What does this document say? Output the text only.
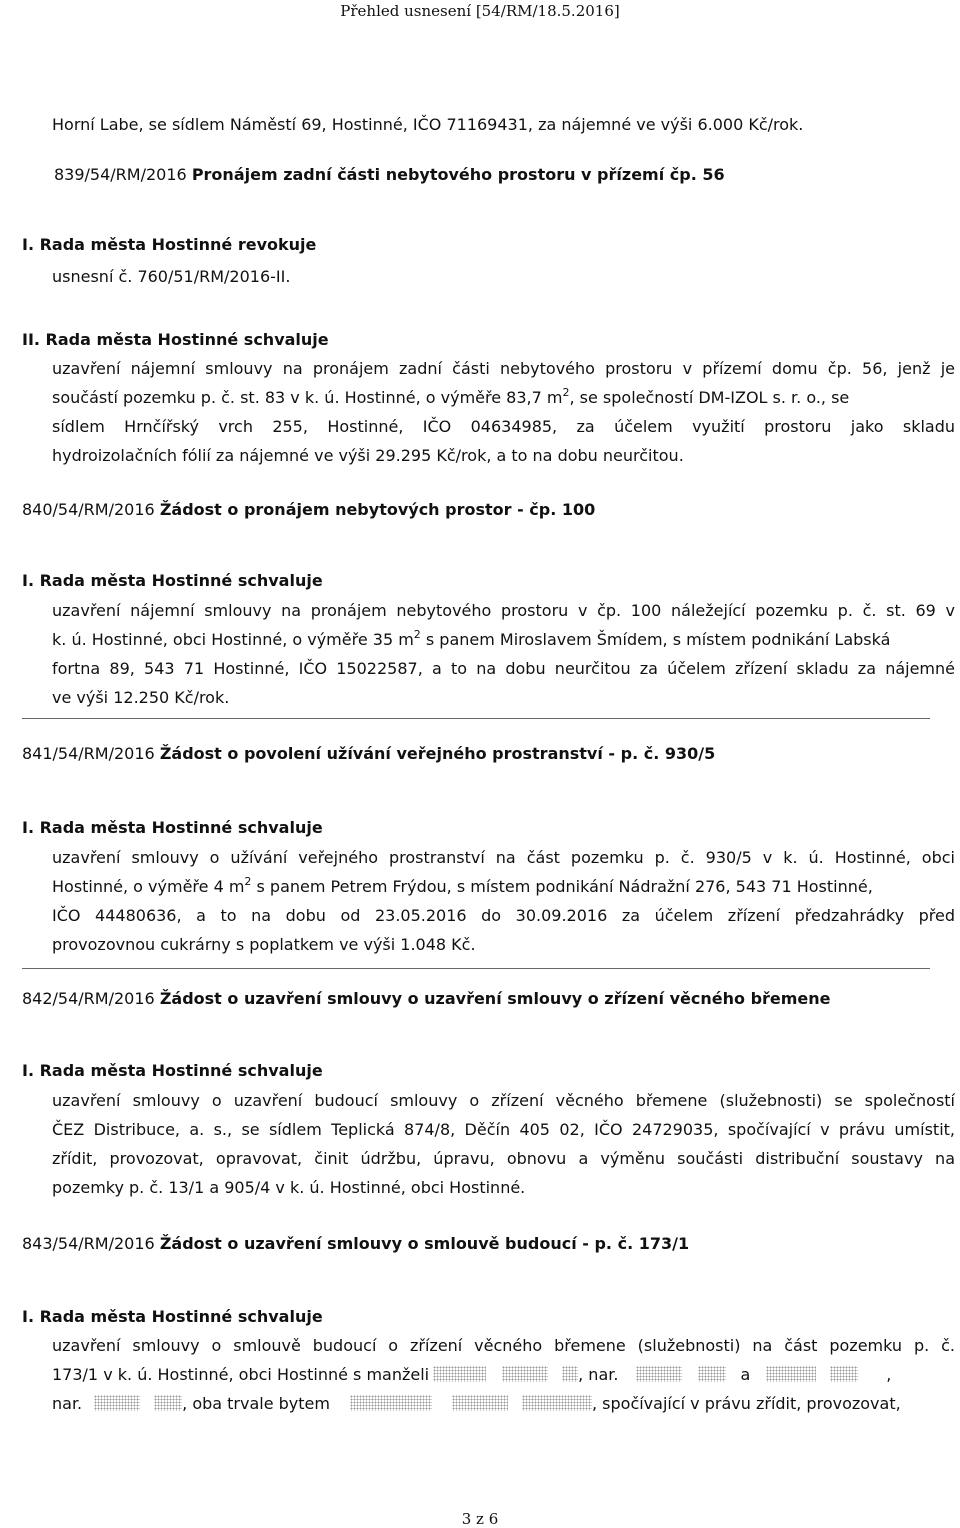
Přehled usnesení [54/RM/18.5.2016]
Horní Labe, se sídlem Náměstí 69, Hostinné, IČO 71169431, za nájemné ve výši 6.000 Kč/rok.
839/54/RM/2016 Pronájem zadní části nebytového prostoru v přízemí čp. 56
I. Rada města Hostinné revokuje
usnesní č. 760/51/RM/2016-II.
II. Rada města Hostinné schvaluje
uzavření nájemní smlouvy na pronájem zadní části nebytového prostoru v přízemí domu čp. 56, jenž je
součástí pozemku p. č. st. 83 v k. ú. Hostinné, o výměře 83,7 $m^2$, se společností DM-IZOL s. r. o., se
sídlem Hrnčířský vrch 255, Hostinné, IČO 04634985, za účelem využití prostoru jako skladu
hydroizolačních fólií za nájemné ve výši 29.295 Kč/rok, a to na dobu neurčitou.
840/54/RM/2016 Žádost o pronájem nebytových prostor - čp. 100
I. Rada města Hostinné schvaluje
uzavření nájemní smlouvy na pronájem nebytového prostoru v čp. 100 náležející pozemku p. č. st. 69 v
k. ú. Hostinné, obci Hostinné, o výměře 35 $m^2$ s panem Miroslavem Šmídem, s místem podnikání Labská
fortna 89, 543 71 Hostinné, IČO 15022587, a to na dobu neurčitou za účelem zřízení skladu za nájemné
ve výši 12.250 Kč/rok.
841/54/RM/2016 Žádost o povolení užívání veřejného prostranství - p. č. 930/5
I. Rada města Hostinné schvaluje
uzavření smlouvy o užívání veřejného prostranství na část pozemku p. č. 930/5 v k. ú. Hostinné, obci
Hostinné, o výměře 4 $m^2$ s panem Petrem Frýdou, s místem podnikání Nádražní 276, 543 71 Hostinné,
IČO 44480636, a to na dobu od 23.05.2016 do 30.09.2016 za účelem zřízení předzahrádky před
provozovnou cukrárny s poplatkem ve výši 1.048 Kč.
842/54/RM/2016 Žádost o uzavření smlouvy o uzavření smlouvy o zřízení věcného břemene
I. Rada města Hostinné schvaluje
uzavření smlouvy o uzavření budoucí smlouvy o zřízení věcného břemene (služebnosti) se společností
ČEZ Distribuce, a. s., se sídlem Teplická 874/8, Děčín 405 02, IČO 24729035, spočívající v právu umístit,
zřídit, provozovat, opravovat, činit údržbu, úpravu, obnovu a výměnu součásti distribuční soustavy na
pozemky p. č. 13/1 a 905/4 v k. ú. Hostinné, obci Hostinné.
843/54/RM/2016 Žádost o uzavření smlouvy o smlouvě budoucí - p. č. 173/1
I. Rada města Hostinné schvaluje
uzavření smlouvy o smlouvě budoucí o zřízení věcného břemene (služebnosti) na část pozemku p. č.
173/1 v k. ú. Hostinné, obci Hostinné s manželi	, nar.	a	,
nar.	, oba trvale bytem	, spočívající v právu zřídit, provozovat,
3 z 6
